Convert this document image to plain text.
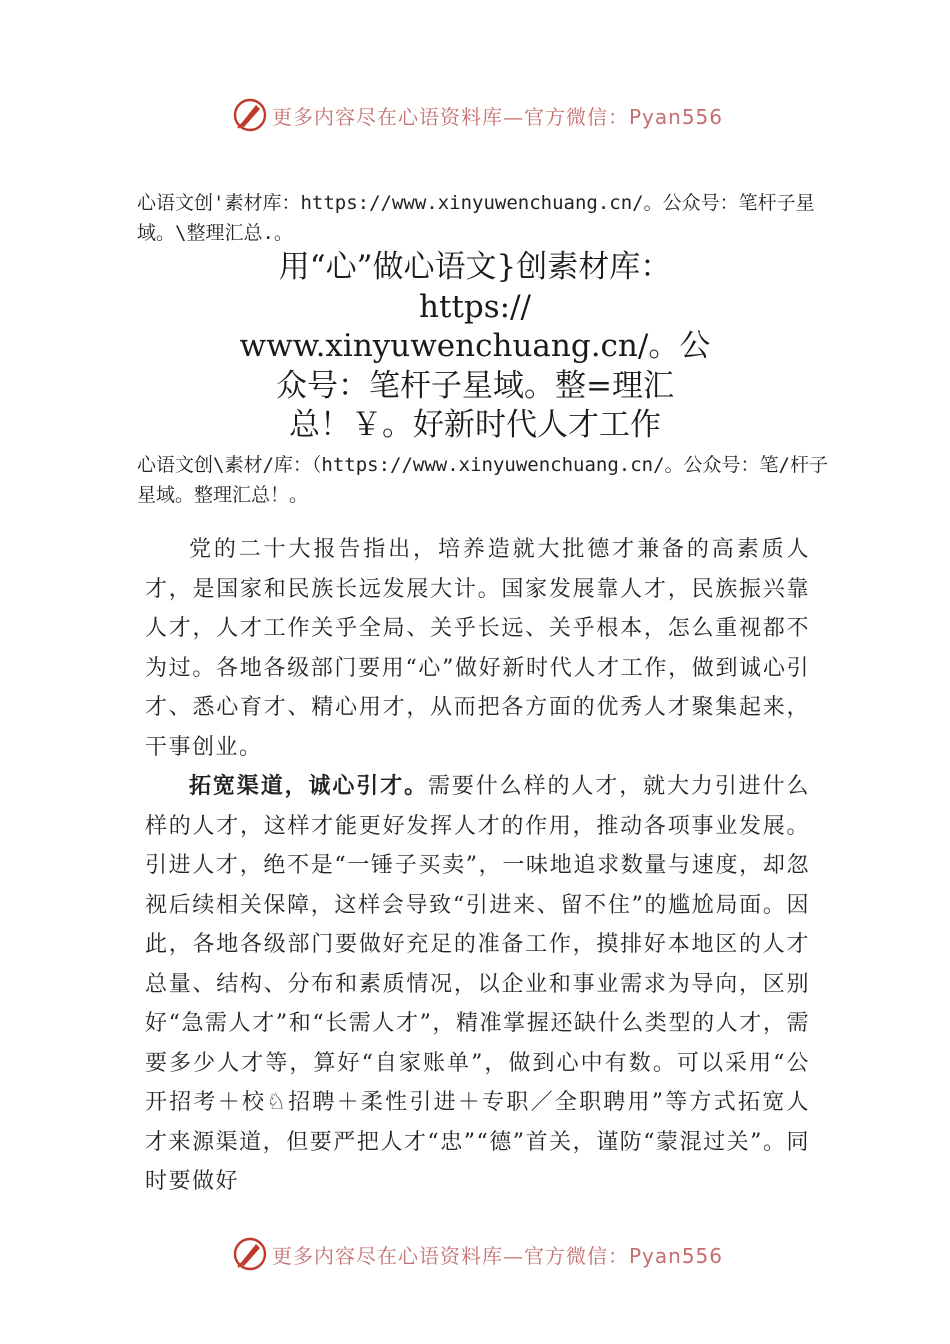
更多内容尽在心语资料库—官方微信：Pyan556
心语文创'素材库：https://www.xinyuwenchuang.cn/。公众号：笔杆子星域。\整理汇总.。
用“心”做心语文}创素材库：
https://
www.xinyuwenchuang.cn/。公
众号：笔杆子星域。整=理汇
总！￥。好新时代人才工作
心语文创\素材/库：（https://www.xinyuwenchuang.cn/。公众号：笔/杆子星域。整理汇总！。

党的二十大报告指出，培养造就大批德才兼备的高素质人才，是国家和民族长远发展大计。国家发展靠人才，民族振兴靠人才，人才工作关乎全局、关乎长远、关乎根本，怎么重视都不为过。各地各级部门要用“心”做好新时代人才工作，做到诚心引才、悉心育才、精心用才，从而把各方面的优秀人才聚集起来，干事创业。

拓宽渠道，诚心引才。需要什么样的人才，就大力引进什么样的人才，这样才能更好发挥人才的作用，推动各项事业发展。引进人才，绝不是“一锤子买卖”，一味地追求数量与速度，却忽视后续相关保障，这样会导致“引进来、留不住”的尴尬局面。因此，各地各级部门要做好充足的准备工作，摸排好本地区的人才总量、结构、分布和素质情况，以企业和事业需求为导向，区别好“急需人才”和“长需人才”，精准掌握还缺什么类型的人才，需要多少人才等，算好“自家账单”，做到心中有数。可以采用“公开招考＋校♘招聘＋柔性引进＋专职／全职聘用”等方式拓宽人才来源渠道，但要严把人才“忠”“德”首关，谨防“蒙混过关”。同时要做好

更多内容尽在心语资料库—官方微信：Pyan556
